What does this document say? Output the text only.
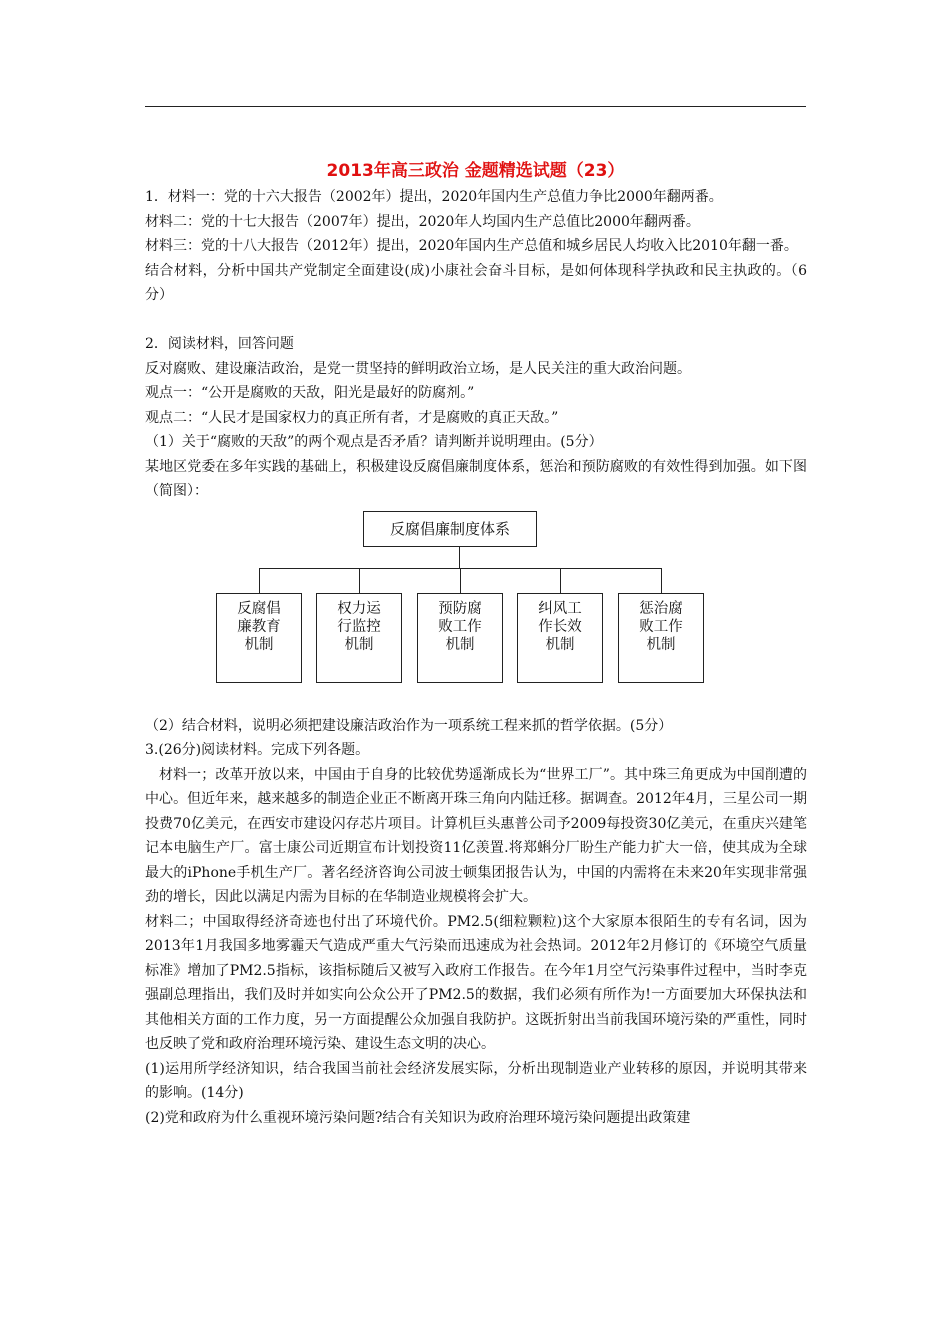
2013年高三政治 金题精选试题（23）

1．材料一：党的十六大报告（2002年）提出，2020年国内生产总值力争比2000年翻两番。

材料二：党的十七大报告（2007年）提出，2020年人均国内生产总值比2000年翻两番。

材料三：党的十八大报告（2012年）提出，2020年国内生产总值和城乡居民人均收入比2010年翻一番。

结合材料，分析中国共产党制定全面建设(成)小康社会奋斗目标，是如何体现科学执政和民主执政的。（6分）

2．阅读材料，回答问题

反对腐败、建设廉洁政治，是党一贯坚持的鲜明政治立场，是人民关注的重大政治问题。

观点一：“公开是腐败的天敌，阳光是最好的防腐剂。”

观点二：“人民才是国家权力的真正所有者，才是腐败的真正天敌。”

（1）关于“腐败的天敌”的两个观点是否矛盾？请判断并说明理由。(5分）

某地区党委在多年实践的基础上，积极建设反腐倡廉制度体系，惩治和预防腐败的有效性得到加强。如下图（简图）：

反腐倡廉制度体系
反腐倡廉教育机制
权力运行监控机制
预防腐败工作机制
纠风工作长效机制
惩治腐败工作机制

（2）结合材料，说明必须把建设廉洁政治作为一项系统工程来抓的哲学依据。(5分）

3.(26分)阅读材料。完成下列各题。

材料一；改革开放以来，中国由于自身的比较优势遥渐成长为“世界工厂”。其中珠三角更成为中国削遭的中心。但近年来，越来越多的制造企业正不断离开珠三角向内陆迁移。据调查。2012年4月，三星公司一期投费70亿美元，在西安市建设闪存芯片项目。计算机巨头惠普公司予2009每投资30亿美元，在重庆兴建笔记本电脑生产厂。富士康公司近期宣布计划投资11亿羡置.将郑蝌分厂盼生产能力扩大一倍，使其成为全球最大的iPhone手机生产厂。著名经济咨询公司波士顿集团报告认为，中国的内需将在未来20年实现非常强劲的增长，因此以满足内需为目标的在华制造业规模将会扩大。

材料二；中国取得经济奇迹也付出了环境代价。PM2.5(细粒颗粒)这个大家原本很陌生的专有名词，因为2013年1月我国多地雾霾天气造成严重大气污染而迅速成为社会热词。2012年2月修订的《环境空气质量标准》增加了PM2.5指标，该指标随后又被写入政府工作报告。在今年1月空气污染事件过程中，当时李克强副总理指出，我们及时并如实向公众公开了PM2.5的数据，我们必须有所作为!一方面要加大环保执法和其他相关方面的工作力度，另一方面提醒公众加强自我防护。这既折射出当前我国环境污染的严重性，同时也反映了党和政府治理环境污染、建设生态文明的决心。

(1)运用所学经济知识，结合我国当前社会经济发展实际，分析出现制造业产业转移的原因，并说明其带来的影响。(14分)

(2)党和政府为什么重视环境污染问题?结合有关知识为政府治理环境污染问题提出政策建
